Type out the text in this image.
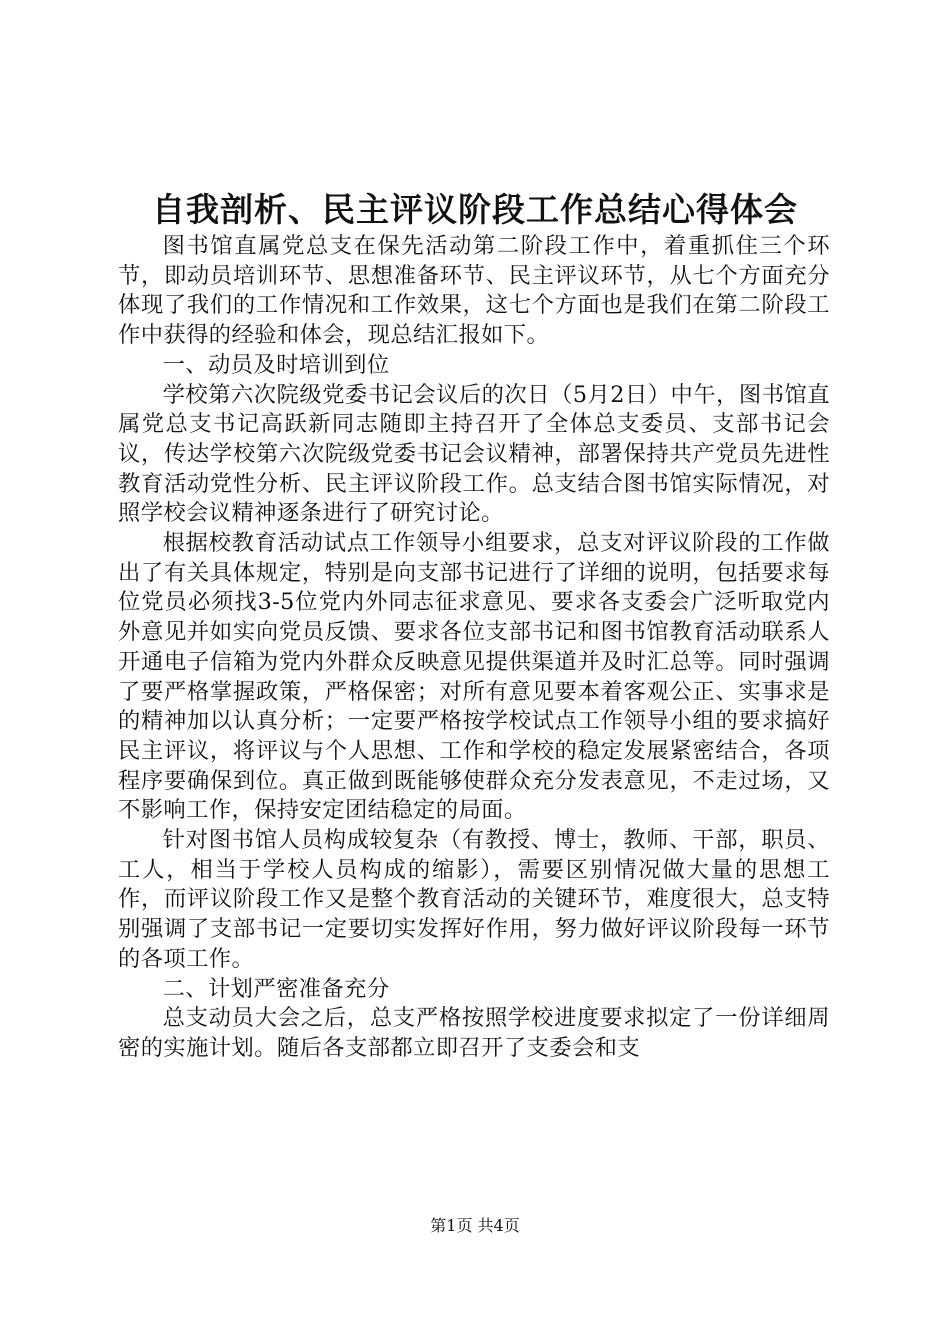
自我剖析、民主评议阶段工作总结心得体会

图书馆直属党总支在保先活动第二阶段工作中，着重抓住三个环节，即动员培训环节、思想准备环节、民主评议环节，从七个方面充分体现了我们的工作情况和工作效果，这七个方面也是我们在第二阶段工作中获得的经验和体会，现总结汇报如下。

一、动员及时培训到位

学校第六次院级党委书记会议后的次日（5月2日）中午，图书馆直属党总支书记高跃新同志随即主持召开了全体总支委员、支部书记会议，传达学校第六次院级党委书记会议精神，部署保持共产党员先进性教育活动党性分析、民主评议阶段工作。总支结合图书馆实际情况，对照学校会议精神逐条进行了研究讨论。

根据校教育活动试点工作领导小组要求，总支对评议阶段的工作做出了有关具体规定，特别是向支部书记进行了详细的说明，包括要求每位党员必须找3-5位党内外同志征求意见、要求各支委会广泛听取党内外意见并如实向党员反馈、要求各位支部书记和图书馆教育活动联系人开通电子信箱为党内外群众反映意见提供渠道并及时汇总等。同时强调了要严格掌握政策，严格保密；对所有意见要本着客观公正、实事求是的精神加以认真分析；一定要严格按学校试点工作领导小组的要求搞好民主评议，将评议与个人思想、工作和学校的稳定发展紧密结合，各项程序要确保到位。真正做到既能够使群众充分发表意见，不走过场，又不影响工作，保持安定团结稳定的局面。

针对图书馆人员构成较复杂（有教授、博士，教师、干部，职员、工人，相当于学校人员构成的缩影），需要区别情况做大量的思想工作，而评议阶段工作又是整个教育活动的关键环节，难度很大，总支特别强调了支部书记一定要切实发挥好作用，努力做好评议阶段每一环节的各项工作。

二、计划严密准备充分

总支动员大会之后，总支严格按照学校进度要求拟定了一份详细周密的实施计划。随后各支部都立即召开了支委会和支

第1页 共4页
